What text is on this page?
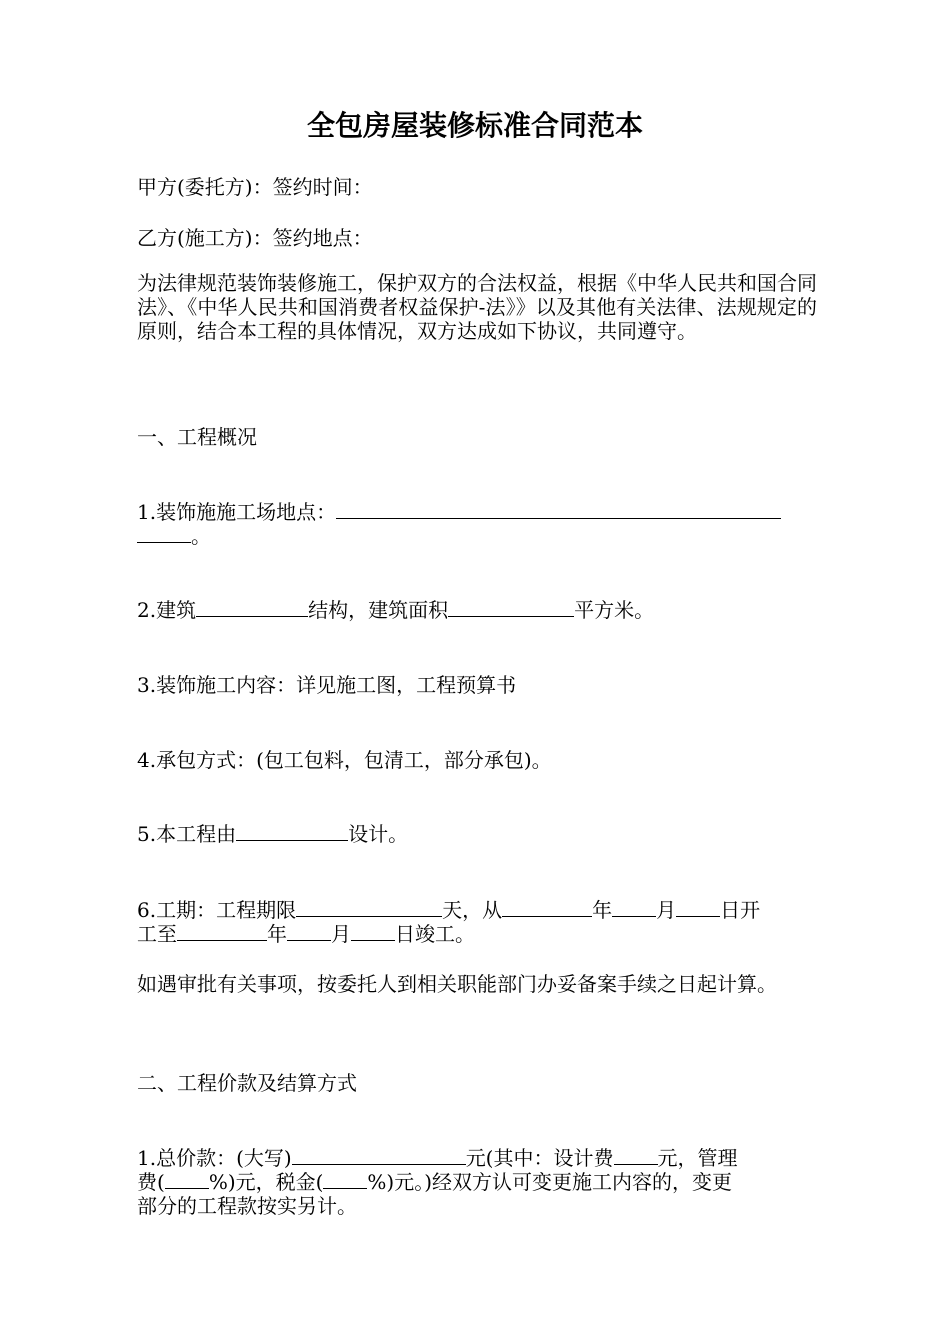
全包房屋装修标准合同范本
甲方(委托方)：签约时间：
乙方(施工方)：签约地点：
为法律规范装饰装修施工，保护双方的合法权益，根据《中华人民共和国合同法》、《中华人民共和国消费者权益保护-法》》以及其他有关法律、法规规定的原则，结合本工程的具体情况，双方达成如下协议，共同遵守。
一、工程概况
1.装饰施施工场地点：
。
2.建筑	结构，建筑面积	平方米。
3.装饰施工内容：详见施工图，工程预算书
4.承包方式：(包工包料，包清工，部分承包)。
5.本工程由	设计。
6.工期：工程期限	天，从	年 月 日开
工至	年 月 日竣工。
如遇审批有关事项，按委托人到相关职能部门办妥备案手续之日起计算。
二、工程价款及结算方式
1.总价款：(大写)	元(其中：设计费 元，管理
费( %)元，税金( %)元。)经双方认可变更施工内容的，变更
部分的工程款按实另计。
